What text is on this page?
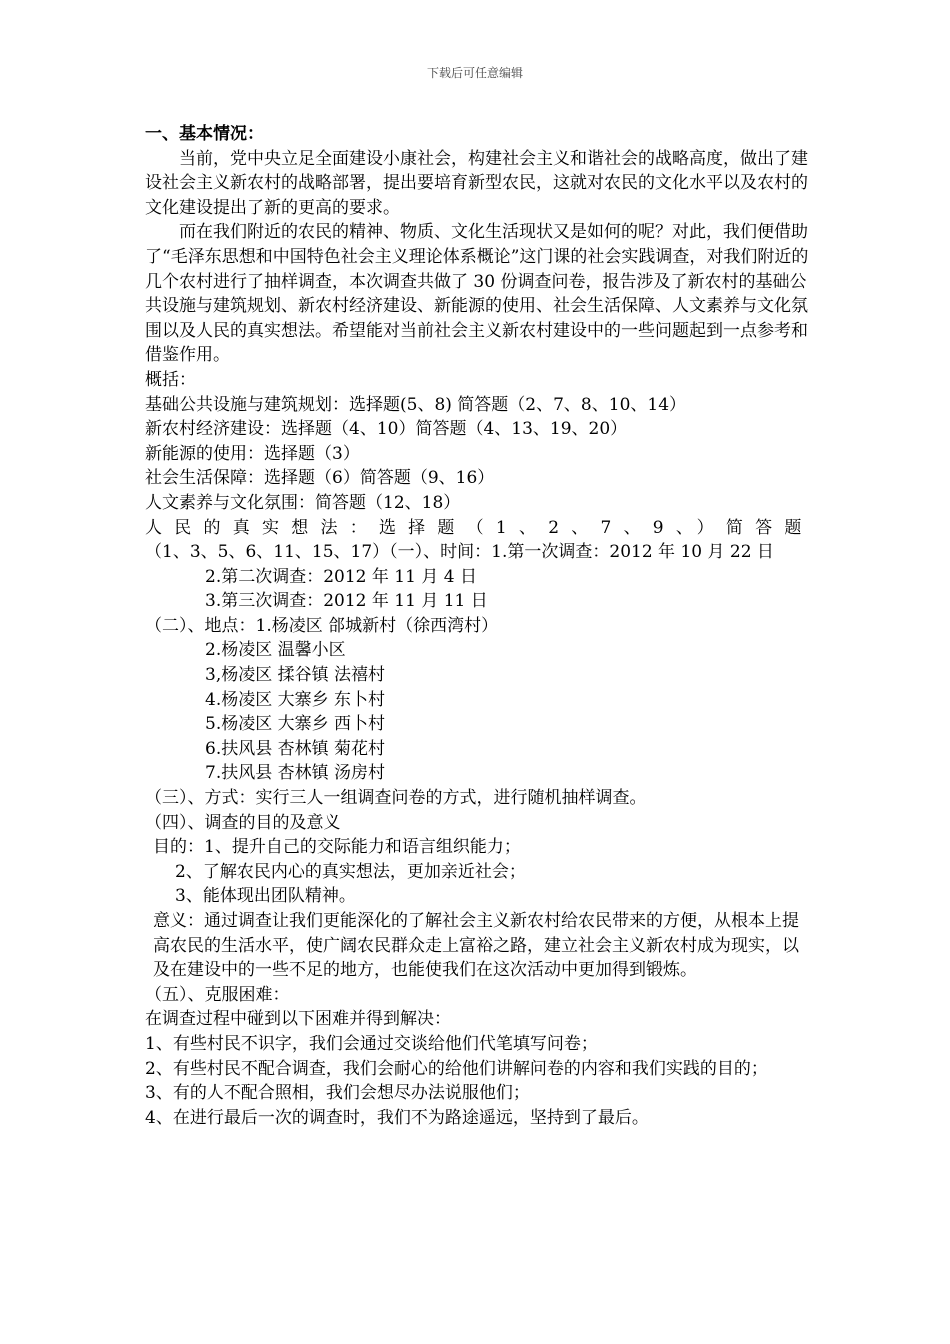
下载后可任意编辑

一、基本情况：

当前，党中央立足全面建设小康社会，构建社会主义和谐社会的战略高度，做出了建设社会主义新农村的战略部署，提出要培育新型农民，这就对农民的文化水平以及农村的文化建设提出了新的更高的要求。

而在我们附近的农民的精神、物质、文化生活现状又是如何的呢？对此，我们便借助了“毛泽东思想和中国特色社会主义理论体系概论”这门课的社会实践调查，对我们附近的几个农村进行了抽样调查，本次调查共做了 30 份调查问卷，报告涉及了新农村的基础公共设施与建筑规划、新农村经济建设、新能源的使用、社会生活保障、人文素养与文化氛围以及人民的真实想法。希望能对当前社会主义新农村建设中的一些问题起到一点参考和借鉴作用。

概括：

基础公共设施与建筑规划：选择题(5、8) 简答题（2、7、8、10、14）

新农村经济建设：选择题（4、10）简答题（4、13、19、20）

新能源的使用：选择题（3）

社会生活保障：选择题（6）简答题（9、16）

人文素养与文化氛围：简答题（12、18）

人民的真实想法：选择题（1、2、7、9、）简答题

（1、3、5、6、11、15、17）（一）、时间：1.第一次调查：2012 年 10 月 22 日

2.第二次调查：2012 年 11 月 4 日

3.第三次调查：2012 年 11 月 11 日

（二）、地点：1.杨凌区 郃城新村（徐西湾村）

2.杨凌区 温馨小区

3,杨凌区 揉谷镇 法禧村

4.杨凌区 大寨乡 东卜村

5.杨凌区 大寨乡 西卜村

6.扶风县 杏林镇 菊花村

7.扶风县 杏林镇 汤房村

（三）、方式：实行三人一组调查问卷的方式，进行随机抽样调查。

（四）、调查的目的及意义

目的：1、提升自己的交际能力和语言组织能力；

2、了解农民内心的真实想法，更加亲近社会；

3、能体现出团队精神。

意义：通过调查让我们更能深化的了解社会主义新农村给农民带来的方便，从根本上提高农民的生活水平，使广阔农民群众走上富裕之路，建立社会主义新农村成为现实，以及在建设中的一些不足的地方，也能使我们在这次活动中更加得到锻炼。

（五）、克服困难：

在调查过程中碰到以下困难并得到解决：

1、有些村民不识字，我们会通过交谈给他们代笔填写问卷；

2、有些村民不配合调查，我们会耐心的给他们讲解问卷的内容和我们实践的目的；

3、有的人不配合照相，我们会想尽办法说服他们；

4、在进行最后一次的调查时，我们不为路途遥远，坚持到了最后。
